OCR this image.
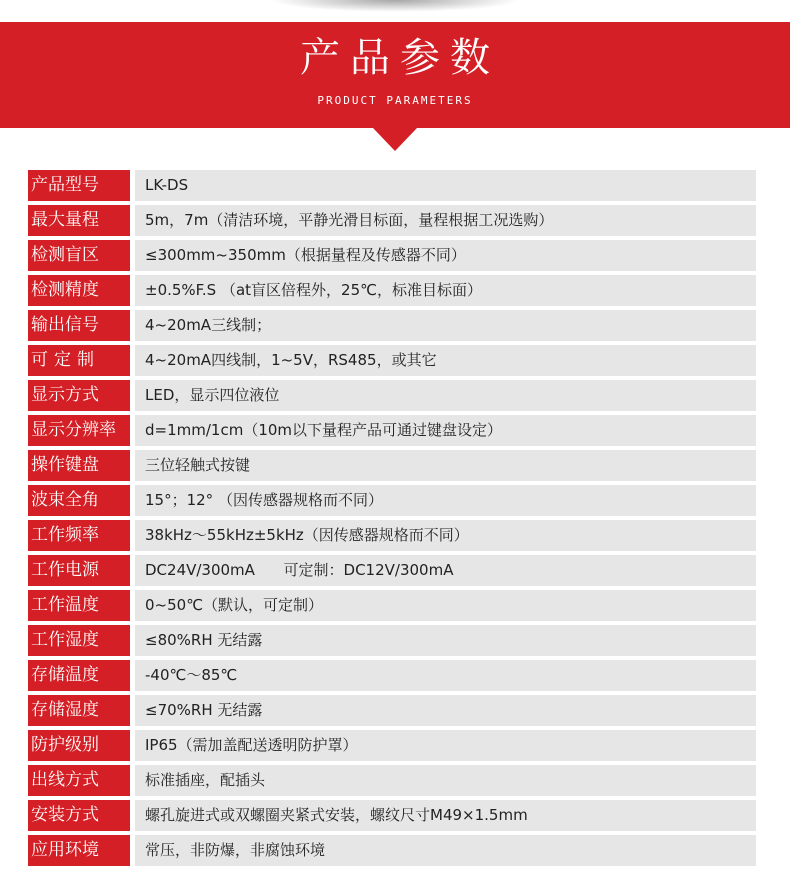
产品参数
PRODUCT PARAMETERS
产品型号	LK-DS
最大量程	5m，7m（清洁环境，平静光滑目标面，量程根据工况选购）
检测盲区	≤300mm~350mm（根据量程及传感器不同）
检测精度	±0.5%F.S （at盲区倍程外，25℃，标准目标面）
输出信号	4~20mA三线制；
可定制	4~20mA四线制，1~5V，RS485，或其它
显示方式	LED，显示四位液位
显示分辨率	d=1mm/1cm（10m以下量程产品可通过键盘设定）
操作键盘	三位轻触式按键
波束全角	15°；12° （因传感器规格而不同）
工作频率	38kHz～55kHz±5kHz（因传感器规格而不同）
工作电源	DC24V/300mA      可定制：DC12V/300mA
工作温度	0~50℃（默认，可定制）
工作湿度	≤80%RH 无结露
存储温度	-40℃～85℃
存储湿度	≤70%RH 无结露
防护级别	IP65（需加盖配送透明防护罩）
出线方式	标准插座，配插头
安装方式	螺孔旋进式或双螺圈夹紧式安装，螺纹尺寸M49×1.5mm
应用环境	常压，非防爆，非腐蚀环境
